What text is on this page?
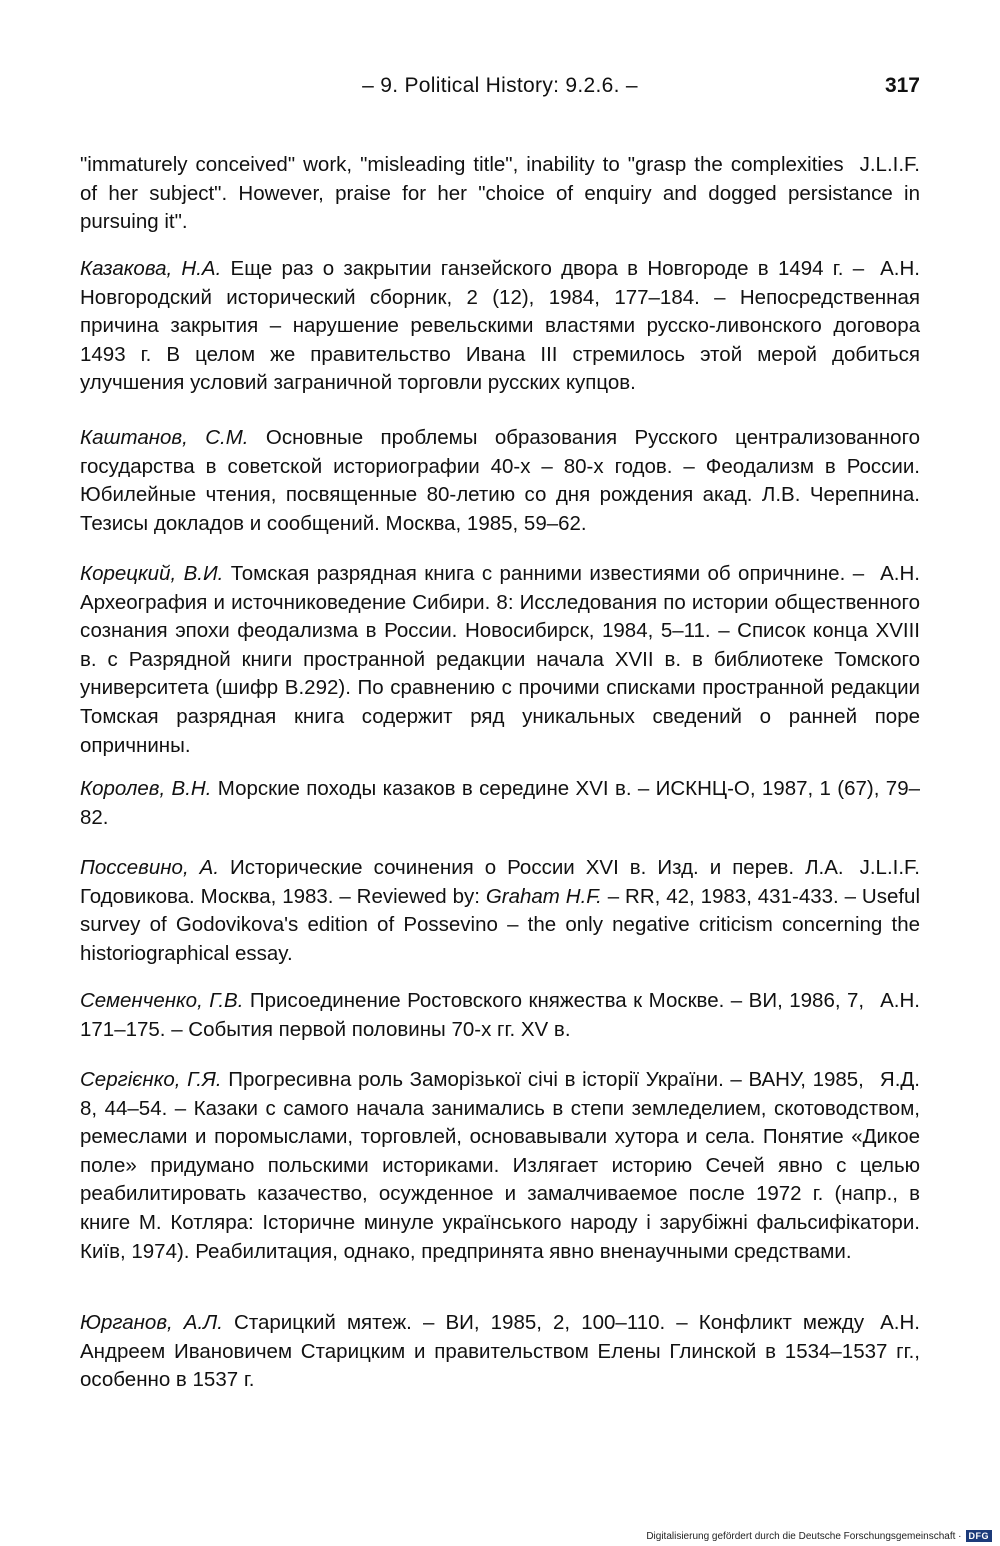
– 9. Political History: 9.2.6. –	317
J.L.I.F.
"immaturely conceived" work, "misleading title", inability to "grasp the complexities of her subject". However, praise for her "choice of enquiry and dogged persistance in pursuing it".
А.Н.
Казакова, Н.А. Еще раз о закрытии ганзейского двора в Новгороде в 1494 г. – Новгородский исторический сборник, 2 (12), 1984, 177–184. – Непосредственная причина закрытия – нарушение ревельскими властями русско-ливонского договора 1493 г. В целом же правительство Ивана III стремилось этой мерой добиться улучшения условий заграничной торговли русских купцов.
Каштанов, С.М. Основные проблемы образования Русского централизованного государства в советской историографии 40-х – 80-х годов. – Феодализм в России. Юбилейные чтения, посвященные 80-летию со дня рождения акад. Л.В. Черепнина. Тезисы докладов и сообщений. Москва, 1985, 59–62.
А.Н.
Корецкий, В.И. Томская разрядная книга с ранними известиями об опричнине. – Археография и источниковедение Сибири. 8: Исследования по истории общественного сознания эпохи феодализма в России. Новосибирск, 1984, 5–11. – Список конца XVIII в. с Разрядной книги пространной редакции начала XVII в. в библиотеке Томского университета (шифр В.292). По сравнению с прочими списками пространной редакции Томская разрядная книга содержит ряд уникальных сведений о ранней поре опричнины.
Королев, В.Н. Морские походы казаков в середине XVI в. – ИСКНЦ-О, 1987, 1 (67), 79–82.
J.L.I.F.
Поссевино, А. Исторические сочинения о России XVI в. Изд. и перев. Л.А. Годовикова. Москва, 1983. – Reviewed by: Graham H.F. – RR, 42, 1983, 431-433. – Useful survey of Godovikova's edition of Possevino – the only negative criticism concerning the historiographical essay.
А.Н.
Семенченко, Г.В. Присоединение Ростовского княжества к Москве. – ВИ, 1986, 7, 171–175. – События первой половины 70-х гг. XV в.
Я.Д.
Сергієнко, Г.Я. Прогресивна роль Заморізької січі в історії України. – ВАНУ, 1985, 8, 44–54. – Казаки с самого начала занимались в степи земледелием, скотоводством, ремеслами и поромыслами, торговлей, основавывали хутора и села. Понятие «Дикое поле» придумано польскими историками. Излягает историю Сечей явно с целью реабилитировать казачество, осужденное и замалчиваемое после 1972 г. (напр., в книге М. Котляра: Історичне минуле українського народу і зарубіжні фальсифікатори. Київ, 1974). Реабилитация, однако, предпринята явно вненаучными средствами.
А.Н.
Юрганов, А.Л. Старицкий мятеж. – ВИ, 1985, 2, 100–110. – Конфликт между Андреем Ивановичем Старицким и правительством Елены Глинской в 1534–1537 гг., особенно в 1537 г.
Digitalisierung gefördert durch die Deutsche Forschungsgemeinschaft · DFG
